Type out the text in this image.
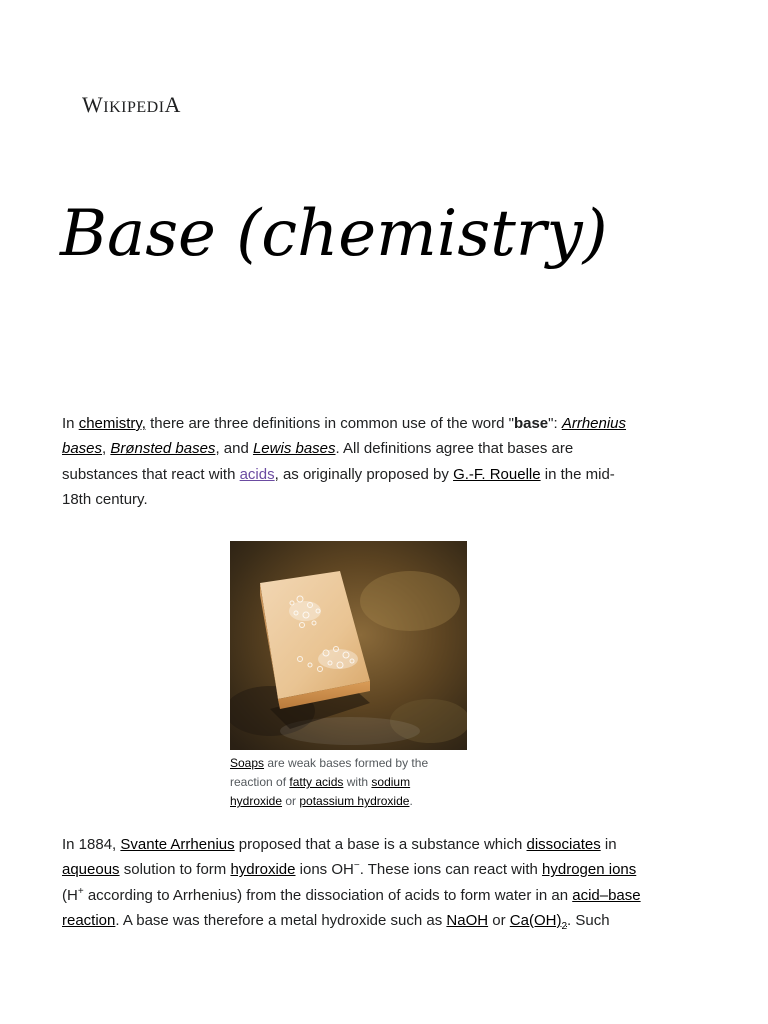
WIKIPEDIA
Base (chemistry)

In chemistry, there are three definitions in common use of the word "base": Arrhenius bases, Brønsted bases, and Lewis bases. All definitions agree that bases are substances that react with acids, as originally proposed by G.-F. Rouelle in the mid-18th century.

Soaps are weak bases formed by the reaction of fatty acids with sodium hydroxide or potassium hydroxide.

In 1884, Svante Arrhenius proposed that a base is a substance which dissociates in aqueous solution to form hydroxide ions OH−. These ions can react with hydrogen ions (H+ according to Arrhenius) from the dissociation of acids to form water in an acid–base reaction. A base was therefore a metal hydroxide such as NaOH or $Ca(OH)_2$. Such
